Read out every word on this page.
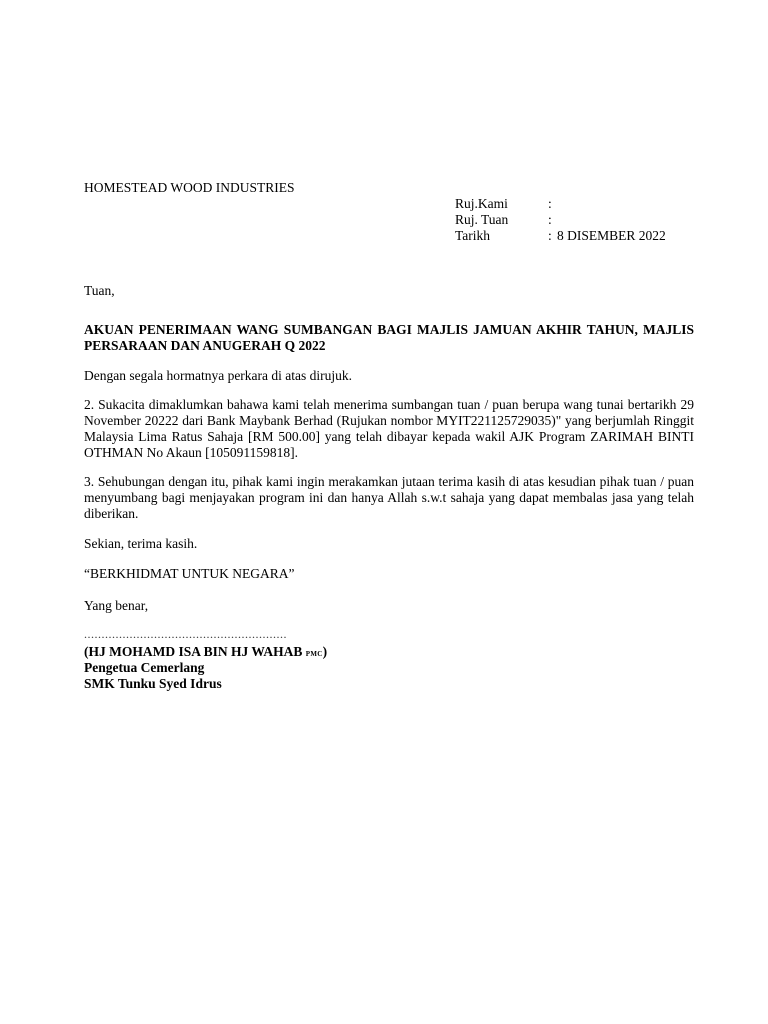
HOMESTEAD WOOD INDUSTRIES
Ruj.Kami	:
Ruj. Tuan	:
Tarikh	: 8 DISEMBER 2022
Tuan,
AKUAN PENERIMAAN WANG SUMBANGAN BAGI MAJLIS JAMUAN AKHIR TAHUN, MAJLIS PERSARAAN DAN ANUGERAH Q 2022
Dengan segala hormatnya perkara di atas dirujuk.
2. Sukacita dimaklumkan bahawa kami telah menerima sumbangan tuan / puan berupa wang tunai bertarikh 29 November 20222 dari Bank Maybank Berhad (Rujukan nombor MYIT221125729035)" yang berjumlah Ringgit Malaysia Lima Ratus Sahaja [RM 500.00] yang telah dibayar kepada wakil AJK Program ZARIMAH BINTI OTHMAN No Akaun [105091159818].
3. Sehubungan dengan itu, pihak kami ingin merakamkan jutaan terima kasih di atas kesudian pihak tuan / puan menyumbang bagi menjayakan program ini dan hanya Allah s.w.t sahaja yang dapat membalas jasa yang telah diberikan.
Sekian, terima kasih.
“BERKHIDMAT UNTUK NEGARA”
Yang benar,
..........................................................
(HJ MOHAMD ISA BIN HJ WAHAB PMC)
Pengetua Cemerlang
SMK Tunku Syed Idrus
